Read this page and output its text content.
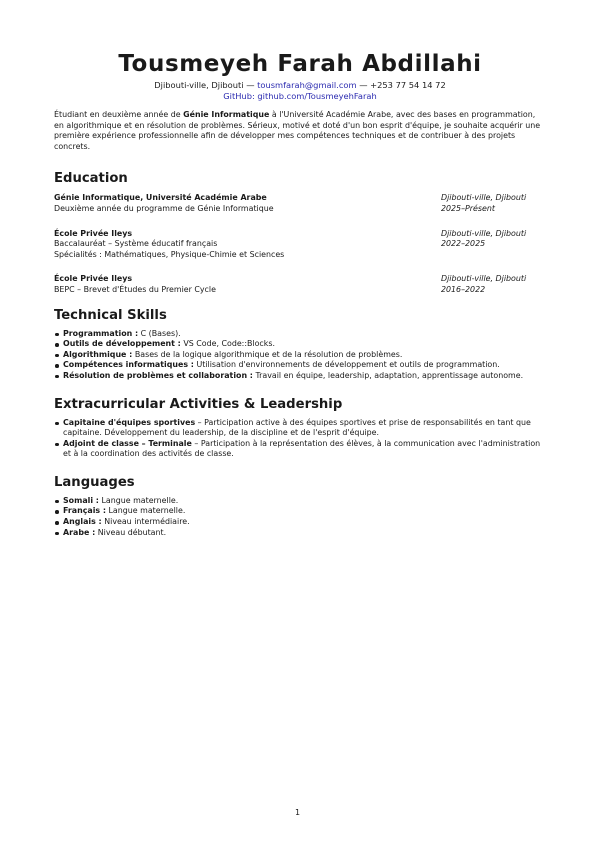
Tousmeyeh Farah Abdillahi
Djibouti-ville, Djibouti — tousmfarah@gmail.com — +253 77 54 14 72
GitHub: github.com/TousmeyehFarah
Étudiant en deuxième année de Génie Informatique à l'Université Académie Arabe, avec des bases en programmation, en algorithmique et en résolution de problèmes. Sérieux, motivé et doté d'un bon esprit d'équipe, je souhaite acquérir une première expérience professionnelle afin de développer mes compétences techniques et de contribuer à des projets concrets.
Education
Génie Informatique, Université Académie Arabe	Djibouti-ville, Djibouti
Deuxième année du programme de Génie Informatique	2025–Présent
École Privée Ileys	Djibouti-ville, Djibouti
Baccalauréat – Système éducatif français	2022–2025
Spécialités : Mathématiques, Physique-Chimie et Sciences
École Privée Ileys	Djibouti-ville, Djibouti
BEPC – Brevet d'Études du Premier Cycle	2016–2022
Technical Skills
Programmation : C (Bases).
Outils de développement : VS Code, Code::Blocks.
Algorithmique : Bases de la logique algorithmique et de la résolution de problèmes.
Compétences informatiques : Utilisation d'environnements de développement et outils de programmation.
Résolution de problèmes et collaboration : Travail en équipe, leadership, adaptation, apprentissage autonome.
Extracurricular Activities & Leadership
Capitaine d'équipes sportives – Participation active à des équipes sportives et prise de responsabilités en tant que capitaine. Développement du leadership, de la discipline et de l'esprit d'équipe.
Adjoint de classe – Terminale – Participation à la représentation des élèves, à la communication avec l'administration et à la coordination des activités de classe.
Languages
Somali : Langue maternelle.
Français : Langue maternelle.
Anglais : Niveau intermédiaire.
Arabe : Niveau débutant.
1
